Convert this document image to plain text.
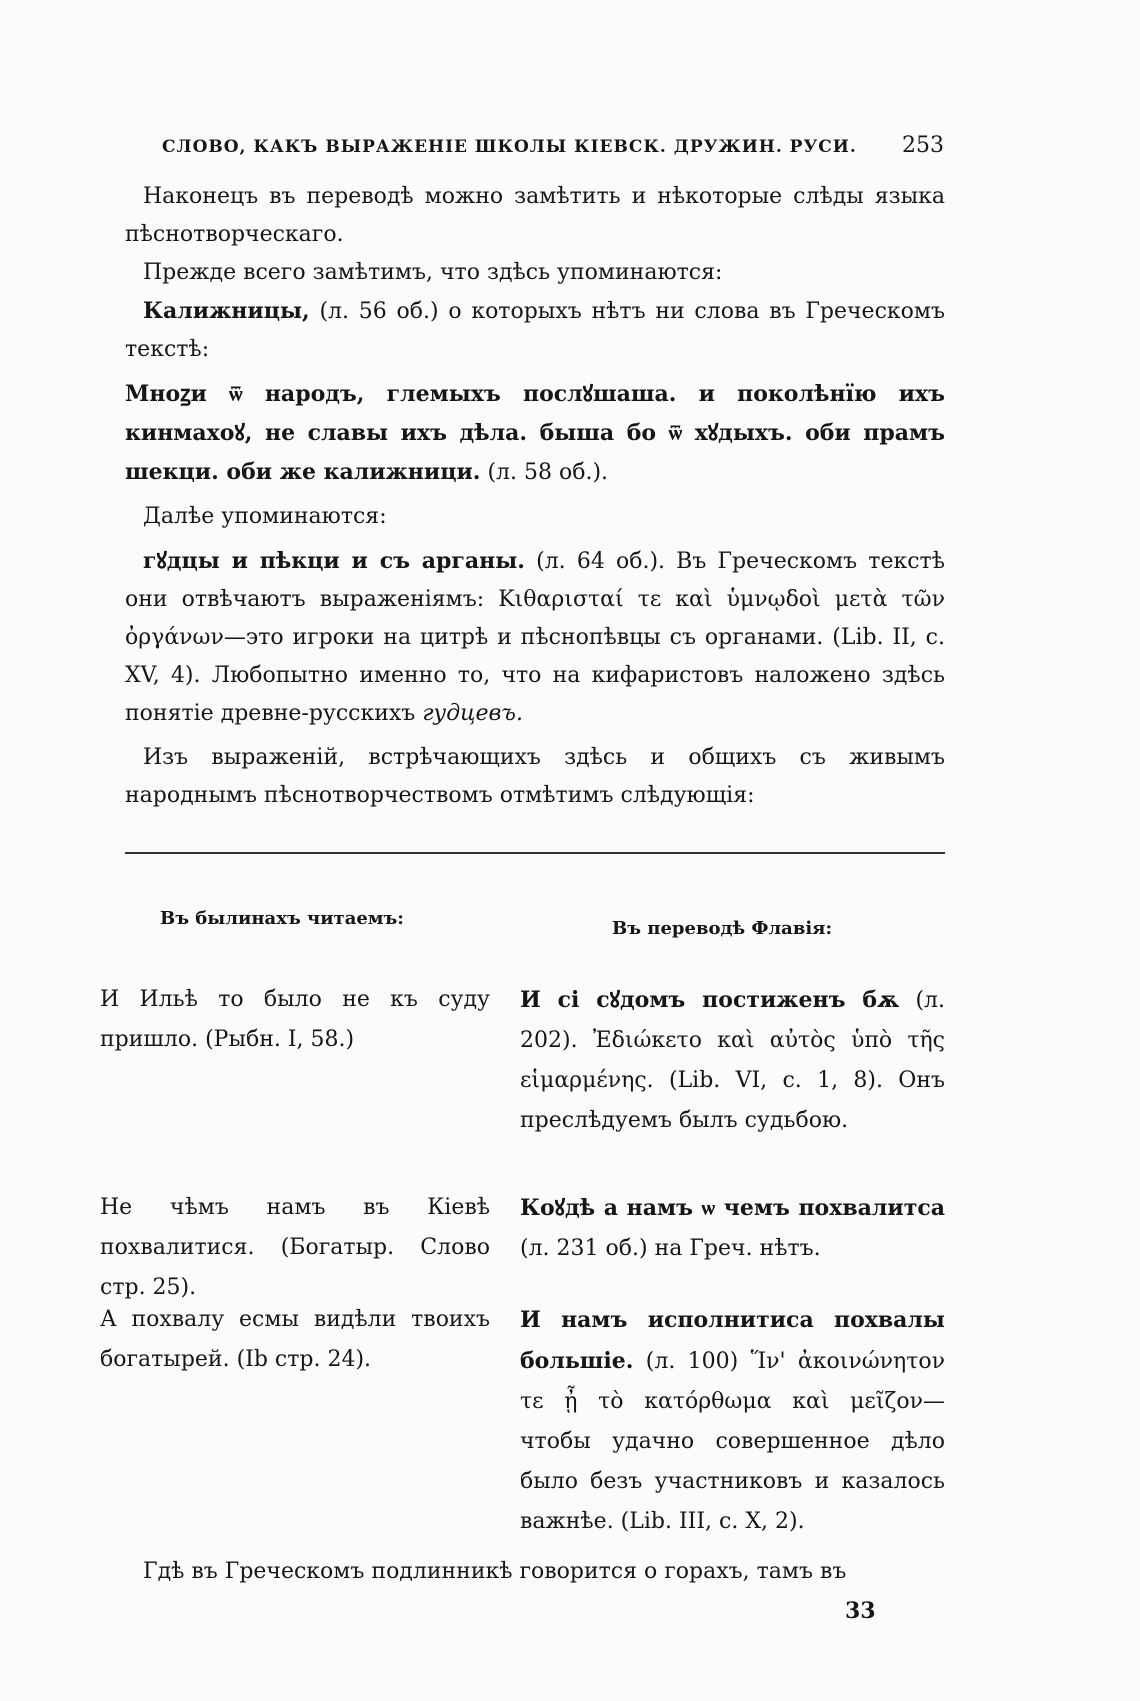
СЛОВО, КАКЪ ВЫРАЖЕНІЕ ШКОЛЫ КІЕВСК. ДРУЖИН. РУСИ. 253

Наконецъ въ переводѣ можно замѣтить и нѣкоторые слѣды языка пѣснотворческаго.

Прежде всего замѣтимъ, что здѣсь упоминаются:

Калижницы, (л. 56 об.) о которыхъ нѣтъ ни слова въ Греческомъ текстѣ:

Мноꙁи ѿ народъ, глемыхъ послꙋшаша. и поколѣнїю ихъ кинмахоꙋ, не славы ихъ дѣла. быша бо ѿ хꙋдыхъ. оби прамъ шекци. оби же калижници. (л. 58 об.).

Далѣе упоминаются:

гꙋдцы и пѣкци и съ арганы. (л. 64 об.). Въ Греческомъ текстѣ они отвѣчаютъ выраженіямъ: Κιθαρισταί τε καὶ ὑμνῳδοὶ μετὰ τῶν ὀργάνων—это игроки на цитрѣ и пѣснопѣвцы съ органами. (Lib. II, c. XV, 4). Любопытно именно то, что на кифаристовъ наложено здѣсь понятіе древне-русскихъ гудцевъ.

Изъ выраженій, встрѣчающихъ здѣсь и общихъ съ живымъ народнымъ пѣснотворчествомъ отмѣтимъ слѣдующія:

Въ былинахъ читаемъ:	Въ переводѣ Флавія:

И Ильѣ то было не къ суду пришло. (Рыбн. I, 58.)

И сі сꙋдомъ постиженъ бѫ (л. 202). Ἐδιώκετο καὶ αὐτὸς ὑπὸ τῆς εἱμαρμένης. (Lib. VI, c. 1, 8). Онъ преслѣдуемъ былъ судьбою.

Не чѣмъ намъ въ Кіевѣ похвалитися. (Богатыр. Слово стр. 25).

Коꙋдѣ а намъ ѡ чемъ похвалитса (л. 231 об.) на Греч. нѣтъ.

А похвалу есмы видѣли твоихъ богатырей. (Ib стр. 24).

И намъ исполнитиса похвалы большіе. (л. 100) Ἵν' ἀκοινώνητον τε ᾖ τὸ κατόρθωμα καὶ μεῖζον—чтобы удачно совершенное дѣло было безъ участниковъ и казалось важнѣе. (Lib. III, c. X, 2).

Гдѣ въ Греческомъ подлинникѣ говорится о горахъ, тамъ въ
33
